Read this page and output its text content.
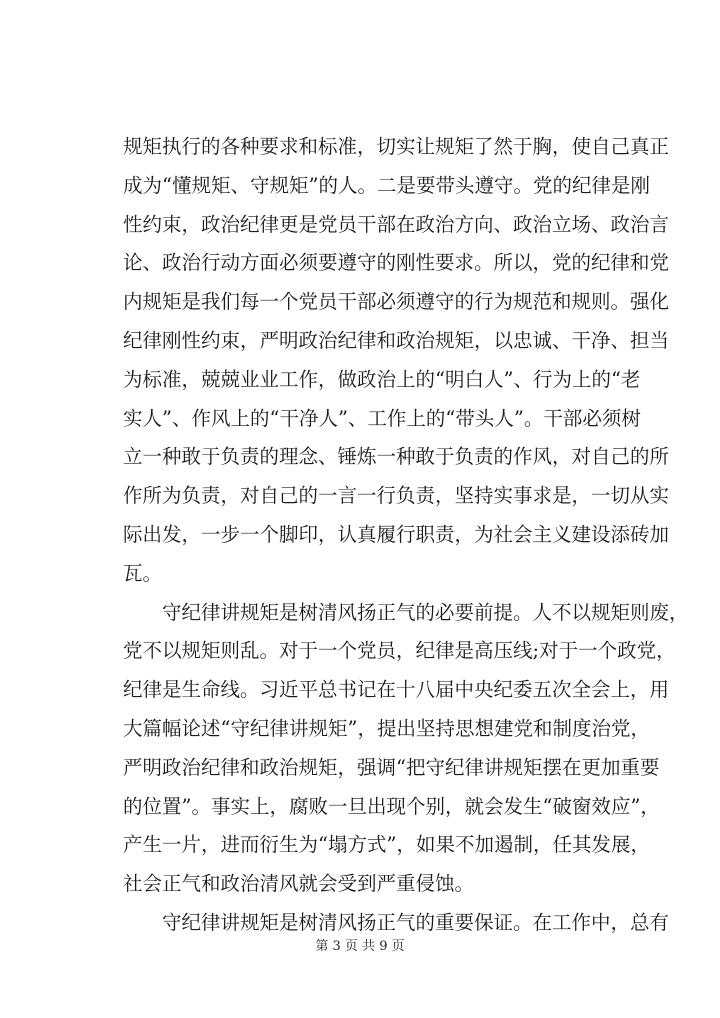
规矩执行的各种要求和标准，切实让规矩了然于胸，使自己真正
成为“懂规矩、守规矩”的人。二是要带头遵守。党的纪律是刚
性约束，政治纪律更是党员干部在政治方向、政治立场、政治言
论、政治行动方面必须要遵守的刚性要求。所以，党的纪律和党
内规矩是我们每一个党员干部必须遵守的行为规范和规则。强化
纪律刚性约束，严明政治纪律和政治规矩，以忠诚、干净、担当
为标准，兢兢业业工作，做政治上的“明白人”、行为上的“老
实人”、作风上的“干净人”、工作上的“带头人”。干部必须树
立一种敢于负责的理念、锤炼一种敢于负责的作风，对自己的所
作所为负责，对自己的一言一行负责，坚持实事求是，一切从实
际出发，一步一个脚印，认真履行职责，为社会主义建设添砖加
瓦。
　　守纪律讲规矩是树清风扬正气的必要前提。人不以规矩则废，
党不以规矩则乱。对于一个党员，纪律是高压线;对于一个政党，
纪律是生命线。习近平总书记在十八届中央纪委五次全会上，用
大篇幅论述“守纪律讲规矩”，提出坚持思想建党和制度治党，
严明政治纪律和政治规矩，强调“把守纪律讲规矩摆在更加重要
的位置”。事实上，腐败一旦出现个别，就会发生“破窗效应”，
产生一片，进而衍生为“塌方式”，如果不加遏制，任其发展，
社会正气和政治清风就会受到严重侵蚀。
　　守纪律讲规矩是树清风扬正气的重要保证。在工作中，总有
第 3 页 共 9 页
